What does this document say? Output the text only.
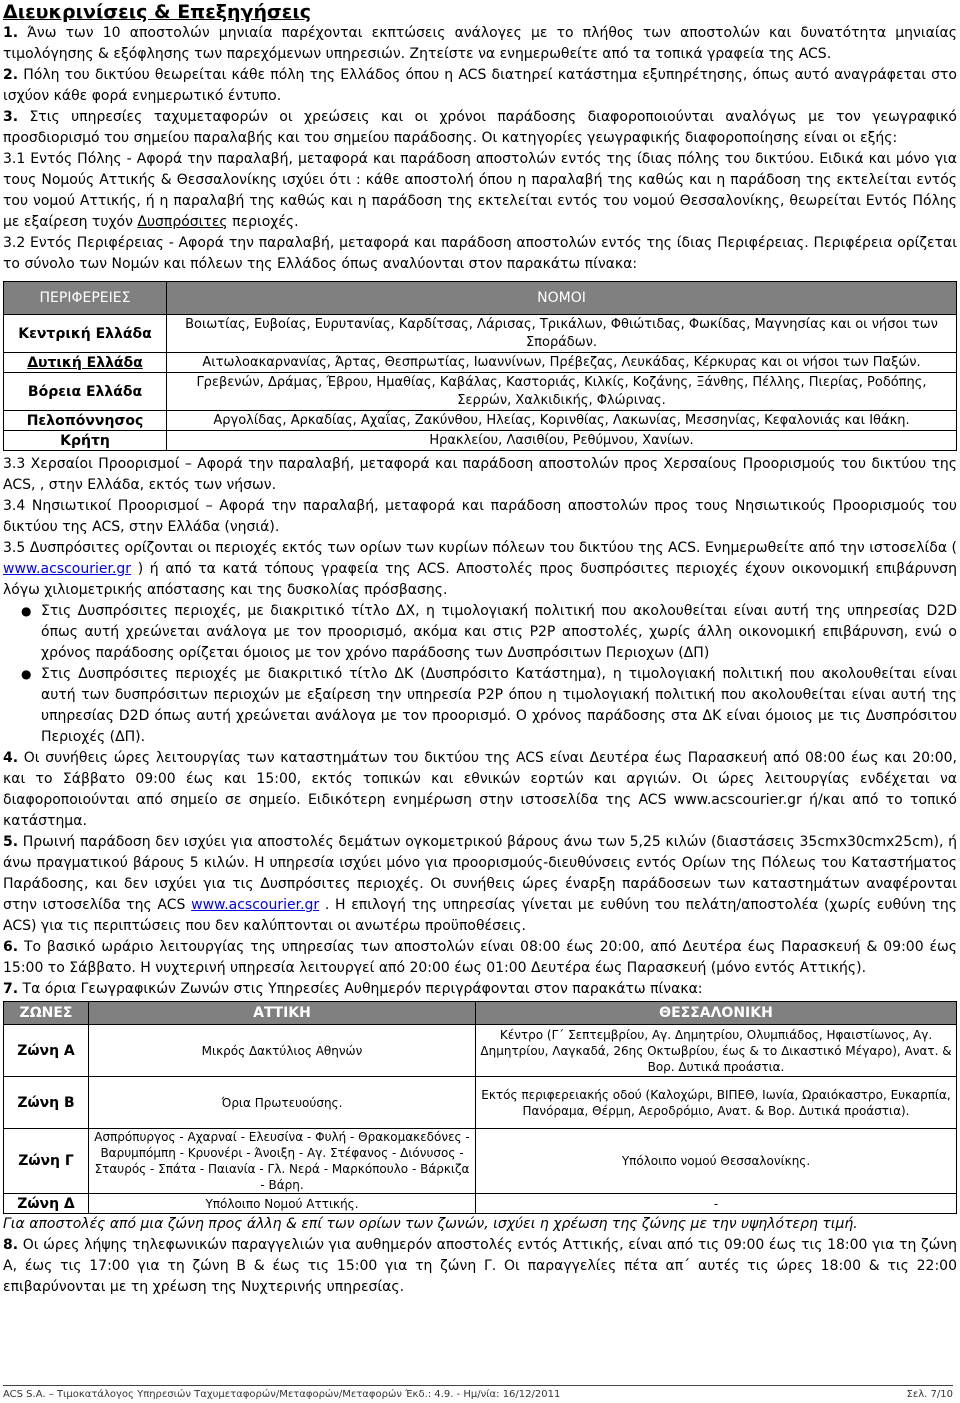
Διευκρινίσεις & Επεξηγήσεις

1. Άνω των 10 αποστολών μηνιαία παρέχονται εκπτώσεις ανάλογες με το πλήθος των αποστολών και δυνατότητα μηνιαίας τιμολόγησης & εξόφλησης των παρεχόμενων υπηρεσιών. Ζητείστε να ενημερωθείτε από τα τοπικά γραφεία της ACS.

2. Πόλη του δικτύου θεωρείται κάθε πόλη της Ελλάδος όπου η ACS διατηρεί κατάστημα εξυπηρέτησης, όπως αυτό αναγράφεται στο ισχύον κάθε φορά ενημερωτικό έντυπο.

3. Στις υπηρεσίες ταχυμεταφορών οι χρεώσεις και οι χρόνοι παράδοσης διαφοροποιούνται αναλόγως με τον γεωγραφικό προσδιορισμό του σημείου παραλαβής και του σημείου παράδοσης. Οι κατηγορίες γεωγραφικής διαφοροποίησης είναι οι εξής:

3.1 Εντός Πόλης - Αφορά την παραλαβή, μεταφορά και παράδοση αποστολών εντός της ίδιας πόλης του δικτύου. Ειδικά και μόνο για τους Νομούς Αττικής & Θεσσαλονίκης ισχύει ότι : κάθε αποστολή όπου η παραλαβή της καθώς και η παράδοση της εκτελείται εντός του νομού Αττικής, ή η παραλαβή της καθώς και η παράδοση της εκτελείται εντός του νομού Θεσσαλονίκης, θεωρείται Εντός Πόλης με εξαίρεση τυχόν Δυσπρόσιτες περιοχές.

3.2 Εντός Περιφέρειας - Αφορά την παραλαβή, μεταφορά και παράδοση αποστολών εντός της ίδιας Περιφέρειας. Περιφέρεια ορίζεται το σύνολο των Νομών και πόλεων της Ελλάδος όπως αναλύονται στον παρακάτω πίνακα:

ΠΕΡΙΦΕΡΕΙΕΣ	ΝΟΜΟΙ
Κεντρική Ελλάδα	Βοιωτίας, Ευβοίας, Ευρυτανίας, Καρδίτσας, Λάρισας, Τρικάλων, Φθιώτιδας, Φωκίδας, Μαγνησίας και οι νήσοι των Σποράδων.
Δυτική Ελλάδα	Αιτωλοακαρνανίας, Άρτας, Θεσπρωτίας, Ιωαννίνων, Πρέβεζας, Λευκάδας, Κέρκυρας και οι νήσοι των Παξών.
Βόρεια Ελλάδα	Γρεβενών, Δράμας, Έβρου, Ημαθίας, Καβάλας, Καστοριάς, Κιλκίς, Κοζάνης, Ξάνθης, Πέλλης, Πιερίας, Ροδόπης, Σερρών, Χαλκιδικής, Φλώρινας.
Πελοπόννησος	Αργολίδας, Αρκαδίας, Αχαΐας, Ζακύνθου, Ηλείας, Κορινθίας, Λακωνίας, Μεσσηνίας, Κεφαλονιάς και Ιθάκη.
Κρήτη	Ηρακλείου, Λασιθίου, Ρεθύμνου, Χανίων.

3.3 Χερσαίοι Προορισμοί – Αφορά την παραλαβή, μεταφορά και παράδοση αποστολών προς Χερσαίους Προορισμούς του δικτύου της ACS, , στην Ελλάδα, εκτός των νήσων.

3.4 Νησιωτικοί Προορισμοί – Αφορά την παραλαβή, μεταφορά και παράδοση αποστολών προς τους Νησιωτικούς Προορισμούς του δικτύου της ACS, στην Ελλάδα (νησιά).

3.5 Δυσπρόσιτες ορίζονται οι περιοχές εκτός των ορίων των κυρίων πόλεων του δικτύου της ACS. Ενημερωθείτε από την ιστοσελίδα ( www.acscourier.gr ) ή από τα κατά τόπους γραφεία της ACS. Αποστολές προς δυσπρόσιτες περιοχές έχουν οικονομική επιβάρυνση λόγω χιλιομετρικής απόστασης και της δυσκολίας πρόσβασης.

● Στις Δυσπρόσιτες περιοχές, με διακριτικό τίτλο ΔΧ, η τιμολογιακή πολιτική που ακολουθείται είναι αυτή της υπηρεσίας D2D όπως αυτή χρεώνεται ανάλογα με τον προορισμό, ακόμα και στις P2P αποστολές, χωρίς άλλη οικονομική επιβάρυνση, ενώ ο χρόνος παράδοσης ορίζεται όμοιος με τον χρόνο παράδοσης των Δυσπρόσιτων Περιοχων (ΔΠ)
● Στις Δυσπρόσιτες περιοχές με διακριτικό τίτλο ΔΚ (Δυσπρόσιτο Κατάστημα), η τιμολογιακή πολιτική που ακολουθείται είναι αυτή των δυσπρόσιτων περιοχών με εξαίρεση την υπηρεσία P2P όπου η τιμολογιακή πολιτική που ακολουθείται είναι αυτή της υπηρεσίας D2D όπως αυτή χρεώνεται ανάλογα με τον προορισμό. Ο χρόνος παράδοσης στα ΔΚ είναι όμοιος με τις Δυσπρόσιτου Περιοχές (ΔΠ).

4. Οι συνήθεις ώρες λειτουργίας των καταστημάτων του δικτύου της ACS είναι Δευτέρα έως Παρασκευή από 08:00 έως και 20:00, και το Σάββατο 09:00 έως και 15:00, εκτός τοπικών και εθνικών εορτών και αργιών. Οι ώρες λειτουργίας ενδέχεται να διαφοροποιούνται από σημείο σε σημείο. Ειδικότερη ενημέρωση στην ιστοσελίδα της ACS www.acscourier.gr ή/και από το τοπικό κατάστημα.

5. Πρωινή παράδοση δεν ισχύει για αποστολές δεμάτων ογκομετρικού βάρους άνω των 5,25 κιλών (διαστάσεις 35cmx30cmx25cm), ή άνω πραγματικού βάρους 5 κιλών. Η υπηρεσία ισχύει μόνο για προορισμούς-διευθύνσεις εντός Ορίων της Πόλεως του Καταστήματος Παράδοσης, και δεν ισχύει για τις Δυσπρόσιτες περιοχές. Οι συνήθεις ώρες έναρξη παράδοσεων των καταστημάτων αναφέρονται στην ιστοσελίδα της ACS www.acscourier.gr . Η επιλογή της υπηρεσίας γίνεται με ευθύνη του πελάτη/αποστολέα (χωρίς ευθύνη της ACS) για τις περιπτώσεις που δεν καλύπτονται οι ανωτέρω προϋποθέσεις.

6. Το βασικό ωράριο λειτουργίας της υπηρεσίας των αποστολών είναι 08:00 έως 20:00, από Δευτέρα έως Παρασκευή & 09:00 έως 15:00 το Σάββατο. Η νυχτερινή υπηρεσία λειτουργεί από 20:00 έως 01:00 Δευτέρα έως Παρασκευή (μόνο εντός Αττικής).

7. Τα όρια Γεωγραφικών Ζωνών στις Υπηρεσίες Αυθημερόν περιγράφονται στον παρακάτω πίνακα:

ΖΩΝΕΣ	ΑΤΤΙΚΗ	ΘΕΣΣΑΛΟΝΙΚΗ
Ζώνη Α	Μικρός Δακτύλιος Αθηνών	Κέντρο (Γ΄ Σεπτεμβρίου, Αγ. Δημητρίου, Ολυμπιάδος, Ηφαιστίωνος, Αγ. Δημητρίου, Λαγκαδά, 26ης Οκτωβρίου, έως & το Δικαστικό Μέγαρο), Ανατ. & Βορ. Δυτικά προάστια.
Ζώνη Β	Όρια Πρωτευούσης.	Εκτός περιφερειακής οδού (Καλοχώρι, ΒΙΠΕΘ, Ιωνία, Ωραιόκαστρο, Ευκαρπία, Πανόραμα, Θέρμη, Αεροδρόμιο, Ανατ. & Βορ. Δυτικά προάστια).
Ζώνη Γ	Ασπρόπυργος - Αχαρναί - Ελευσίνα - Φυλή - Θρακομακεδόνες - Βαρυμπόμπη - Κρυονέρι - Άνοιξη - Αγ. Στέφανος - Διόνυσος - Σταυρός - Σπάτα - Παιανία - Γλ. Νερά - Μαρκόπουλο - Βάρκιζα - Βάρη.	Υπόλοιπο νομού Θεσσαλονίκης.
Ζώνη Δ	Υπόλοιπο Νομού Αττικής.	-
Για αποστολές από μια ζώνη προς άλλη & επί των ορίων των ζωνών, ισχύει η χρέωση της ζώνης με την υψηλότερη τιμή.

8. Οι ώρες λήψης τηλεφωνικών παραγγελιών για αυθημερόν αποστολές εντός Αττικής, είναι από τις 09:00 έως τις 18:00 για τη ζώνη Α, έως τις 17:00 για τη ζώνη Β & έως τις 15:00 για τη ζώνη Γ. Οι παραγγελίες πέτα απ΄ αυτές τις ώρες 18:00 & τις 22:00 επιβαρύνονται με τη χρέωση της Νυχτερινής υπηρεσίας.

ACS S.A. – Τιμοκατάλογος Υπηρεσιών Ταχυμεταφορών/Μεταφορών/Μεταφορών Έκδ.: 4.9. - Ημ/νία: 16/12/2011	Σελ. 7/10
